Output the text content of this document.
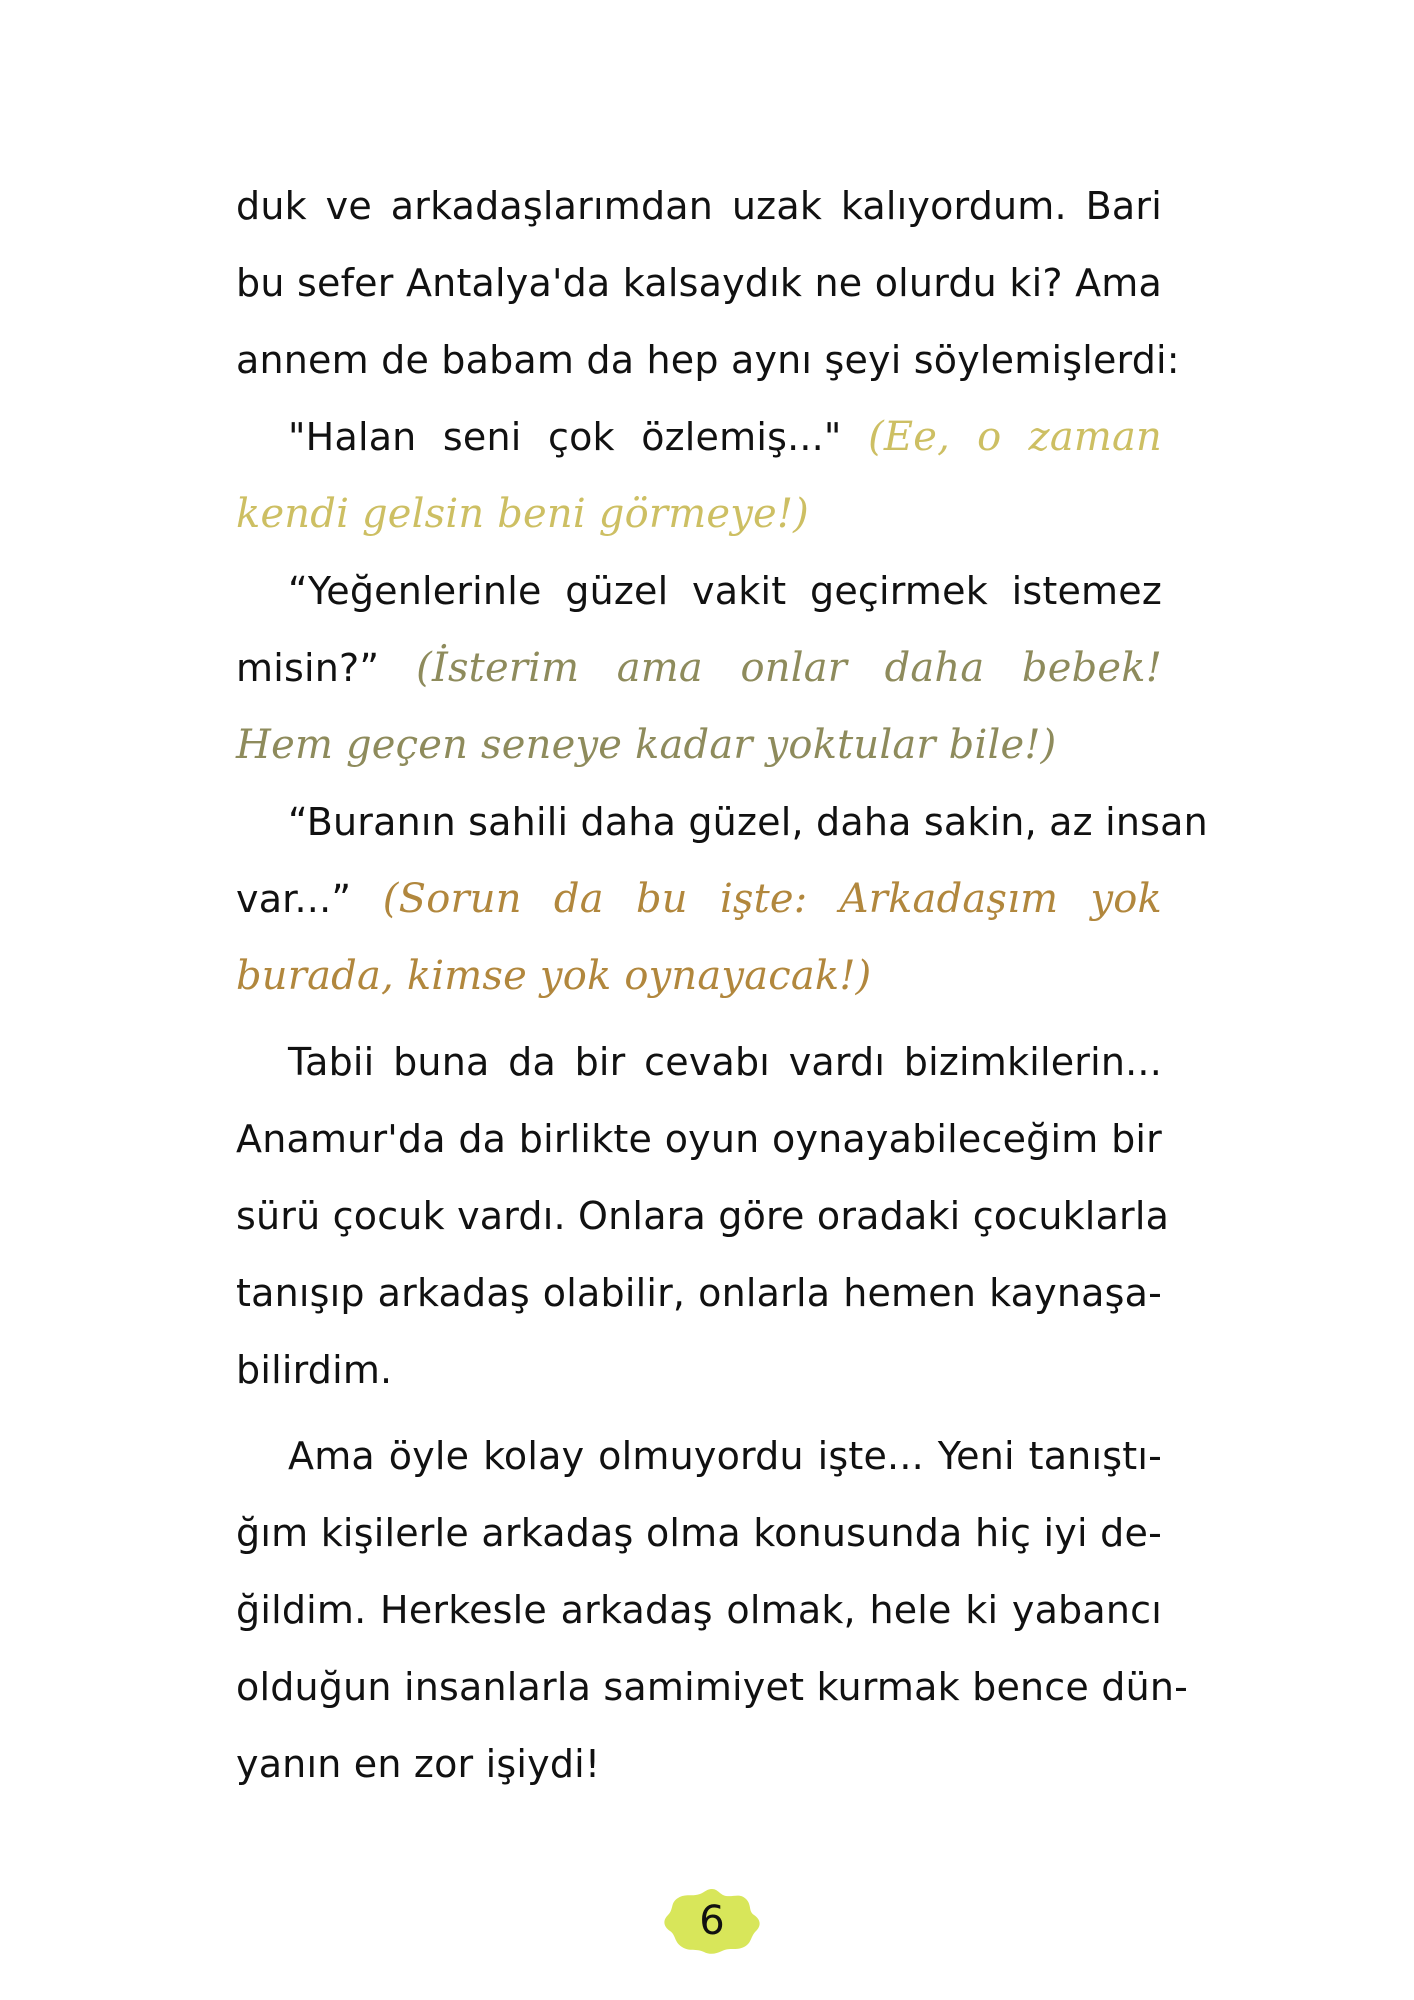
duk ve arkadaşlarımdan uzak kalıyordum. Bari
bu sefer Antalya'da kalsaydık ne olurdu ki? Ama
annem de babam da hep aynı şeyi söylemişlerdi:
"Halan seni çok özlemiş..." (Ee, o zaman
kendi gelsin beni görmeye!)
“Yeğenlerinle güzel vakit geçirmek istemez
misin?” (İsterim ama onlar daha bebek!
Hem geçen seneye kadar yoktular bile!)
“Buranın sahili daha güzel, daha sakin, az insan
var...” (Sorun da bu işte: Arkadaşım yok
burada, kimse yok oynayacak!)
Tabii buna da bir cevabı vardı bizimkilerin...
Anamur'da da birlikte oyun oynayabileceğim bir
sürü çocuk vardı. Onlara göre oradaki çocuklarla
tanışıp arkadaş olabilir, onlarla hemen kaynaşa-
bilirdim.
Ama öyle kolay olmuyordu işte... Yeni tanıştı-
ğım kişilerle arkadaş olma konusunda hiç iyi de-
ğildim. Herkesle arkadaş olmak, hele ki yabancı
olduğun insanlarla samimiyet kurmak bence dün-
yanın en zor işiydi!
6
